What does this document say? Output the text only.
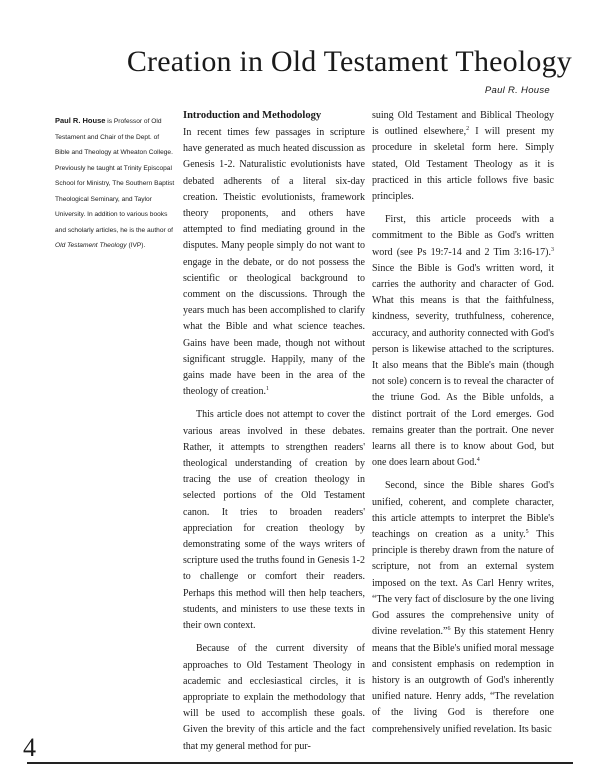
Creation in Old Testament Theology
Paul R. House

Paul R. House is Professor of Old Testament and Chair of the Dept. of Bible and Theology at Wheaton College. Previously he taught at Trinity Episcopal School for Ministry, The Southern Baptist Theological Seminary, and Taylor University. In addition to various books and scholarly articles, he is the author of Old Testament Theology (IVP).

Introduction and Methodology

In recent times few passages in scripture have generated as much heated discussion as Genesis 1-2. Naturalistic evolutionists have debated adherents of a literal six-day creation. Theistic evolutionists, framework theory proponents, and others have attempted to find mediating ground in the disputes. Many people simply do not want to engage in the debate, or do not possess the scientific or theological background to comment on the discussions. Through the years much has been accomplished to clarify what the Bible and what science teaches. Gains have been made, though not without significant struggle. Happily, many of the gains made have been in the area of the theology of creation.$^1$

This article does not attempt to cover the various areas involved in these debates. Rather, it attempts to strengthen readers' theological understanding of creation by tracing the use of creation theology in selected portions of the Old Testament canon. It tries to broaden readers' appreciation for creation theology by demonstrating some of the ways writers of scripture used the truths found in Genesis 1-2 to challenge or comfort their readers. Perhaps this method will then help teachers, students, and ministers to use these texts in their own context.

Because of the current diversity of approaches to Old Testament Theology in academic and ecclesiastical circles, it is appropriate to explain the methodology that will be used to accomplish these goals. Given the brevity of this article and the fact that my general method for pur-

suing Old Testament and Biblical Theology is outlined elsewhere,$^2$ I will present my procedure in skeletal form here. Simply stated, Old Testament Theology as it is practiced in this article follows five basic principles.

First, this article proceeds with a commitment to the Bible as God's written word (see Ps 19:7-14 and 2 Tim 3:16-17).$^3$ Since the Bible is God's written word, it carries the authority and character of God. What this means is that the faithfulness, kindness, severity, truthfulness, coherence, accuracy, and authority connected with God's person is likewise attached to the scriptures. It also means that the Bible's main (though not sole) concern is to reveal the character of the triune God. As the Bible unfolds, a distinct portrait of the Lord emerges. God remains greater than the portrait. One never learns all there is to know about God, but one does learn about God.$^4$

Second, since the Bible shares God's unified, coherent, and complete character, this article attempts to interpret the Bible's teachings on creation as a unity.$^5$ This principle is thereby drawn from the nature of scripture, not from an external system imposed on the text. As Carl Henry writes, “The very fact of disclosure by the one living God assures the comprehensive unity of divine revelation.”$^6$ By this statement Henry means that the Bible's unified moral message and consistent emphasis on redemption in history is an outgrowth of God's inherently unified nature. Henry adds, “The revelation of the living God is therefore one comprehensively unified revelation. Its basic

4
